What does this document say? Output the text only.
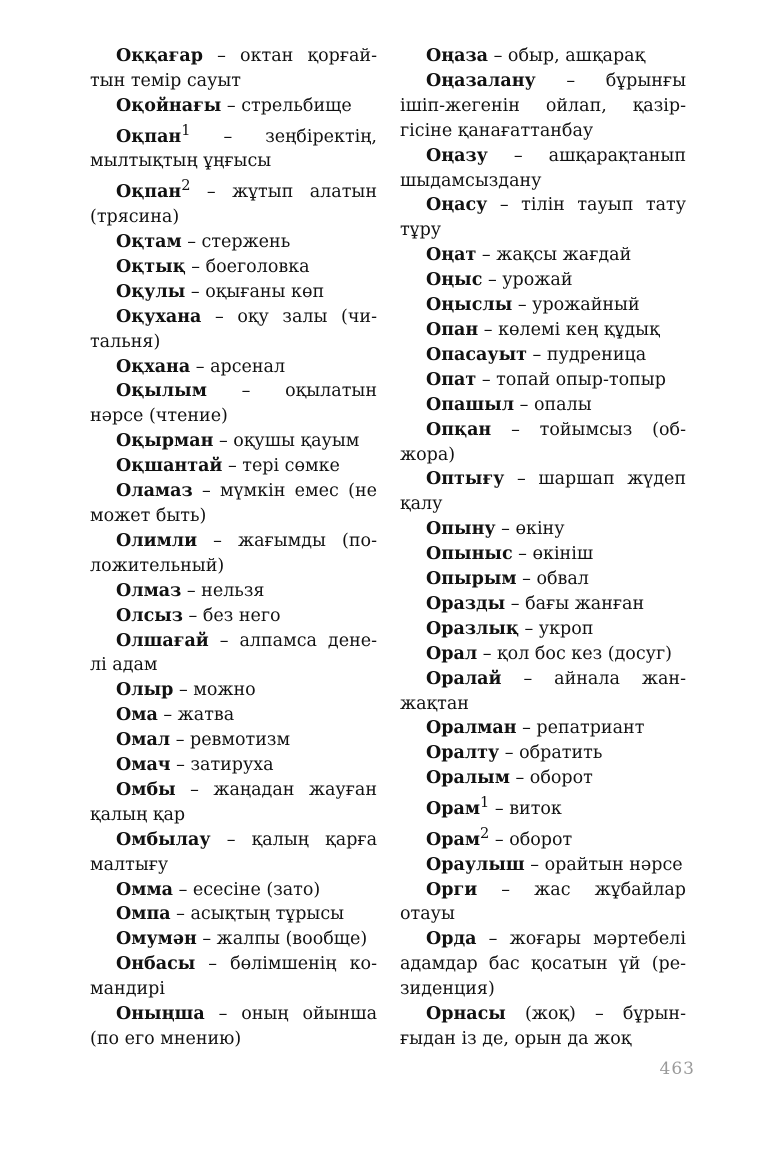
Оққағар – октан қорғай-тын темір сауыт

Оқойнағы – стрельбище

Оқпан$^1$ – зеңбіректің, мылтықтың ұңғысы

Оқпан$^2$ – жұтып алатын (трясина)

Оқтам – стержень

Оқтық – боеголовка

Оқулы – оқығаны көп

Оқухана – оқу залы (чи-тальня)

Оқхана – арсенал

Оқылым – оқылатын нәрсе (чтение)

Оқырман – оқушы қауым

Оқшантай – тері сөмке

Оламаз – мүмкін емес (не может быть)

Олимли – жағымды (по-ложительный)

Олмаз – нельзя

Олсыз – без него

Олшағай – алпамса дене-лі адам

Олыр – можно

Ома – жатва

Омал – ревмотизм

Омач – затируха

Омбы – жаңадан жауған қалың қар

Омбылау – қалың қарға малтығу

Омма – есесіне (зато)

Омпа – асықтың тұрысы

Омумән – жалпы (вообще)

Онбасы – бөлімшенің ко-мандирі

Оныңша – оның ойынша (по его мнению)

Оңаза – обыр, ашқарақ

Оңазалану – бұрынғы ішіп-жегенін ойлап, қазір-гісіне қанағаттанбау

Оңазу – ашқарақтанып шыдамсыздану

Оңасу – тілін тауып тату тұру

Оңат – жақсы жағдай

Оңыс – урожай

Оңыслы – урожайный

Опан – көлемі кең құдық

Опасауыт – пудреница

Опат – топай опыр-топыр

Опашыл – опалы

Опқан – тойымсыз (об-жора)

Оптығу – шаршап жүдеп қалу

Опыну – өкіну

Опыныс – өкініш

Опырым – обвал

Оразды – бағы жанған

Оразлық – укроп

Орал – қол бос кез (досуг)

Оралай – айнала жан-жақтан

Оралман – репатриант

Оралту – обратить

Оралым – оборот

Орам$^1$ – виток

Орам$^2$ – оборот

Ораулыш – орайтын нәрсе

Орги – жас жұбайлар отауы

Орда – жоғары мәртебелі адамдар бас қосатын үй (ре-зиденция)

Орнасы (жоқ) – бұрын-ғыдан із де, орын да жоқ

463
